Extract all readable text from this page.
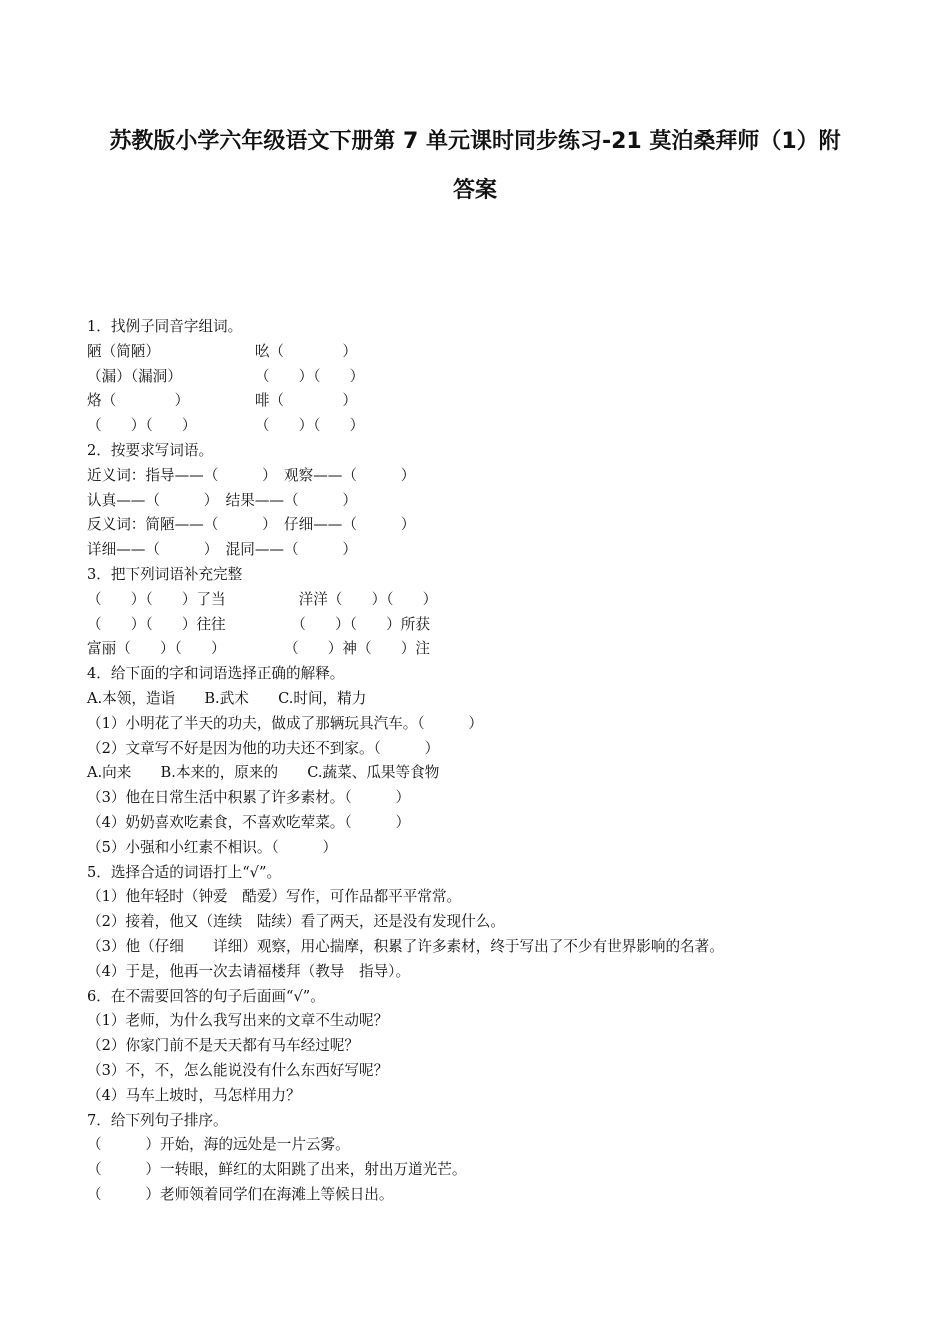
苏教版小学六年级语文下册第 7 单元课时同步练习-21 莫泊桑拜师（1）附
答案
1．找例子同音字组词。
陋（简陋）　　　　　　　吆（　　　　）
（漏）（漏洞）　　　　　　（　　）（　　）
烙（　　　　）　　　　　啡（　　　　）
（　　）（　　）　　　　　（　　）（　　）
2．按要求写词语。
近义词：指导——（　　　）　观察——（　　　）
认真——（　　　）　结果——（　　　）
反义词：简陋——（　　　）　仔细——（　　　）
详细——（　　　）　混同——（　　　）
3．把下列词语补充完整
（　　）（　　）了当　　　　　洋洋（　　）（　　）
（　　）（　　）往往　　　　　（　　）（　　）所获
富丽（　　）（　　）　　　　　（　　）神（　　）注
4．给下面的字和词语选择正确的解释。
A.本领，造诣　　B.武术　　C.时间，精力
（1）小明花了半天的功夫，做成了那辆玩具汽车。（　　　）
（2）文章写不好是因为他的功夫还不到家。（　　　）
A.向来　　B.本来的，原来的　　C.蔬菜、瓜果等食物
（3）他在日常生活中积累了许多素材。（　　　）
（4）奶奶喜欢吃素食，不喜欢吃荤菜。（　　　）
（5）小强和小红素不相识。（　　　）
5．选择合适的词语打上“√”。
（1）他年轻时（钟爱　酷爱）写作，可作品都平平常常。
（2）接着，他又（连续　陆续）看了两天，还是没有发现什么。
（3）他（仔细　　详细）观察，用心揣摩，积累了许多素材，终于写出了不少有世界影响的名著。
（4）于是，他再一次去请福楼拜（教导　指导）。
6．在不需要回答的句子后面画“√”。
（1）老师，为什么我写出来的文章不生动呢？
（2）你家门前不是天天都有马车经过呢？
（3）不，不，怎么能说没有什么东西好写呢？
（4）马车上坡时，马怎样用力？
7．给下列句子排序。
（　　　）开始，海的远处是一片云雾。
（　　　）一转眼，鲜红的太阳跳了出来，射出万道光芒。
（　　　）老师领着同学们在海滩上等候日出。
